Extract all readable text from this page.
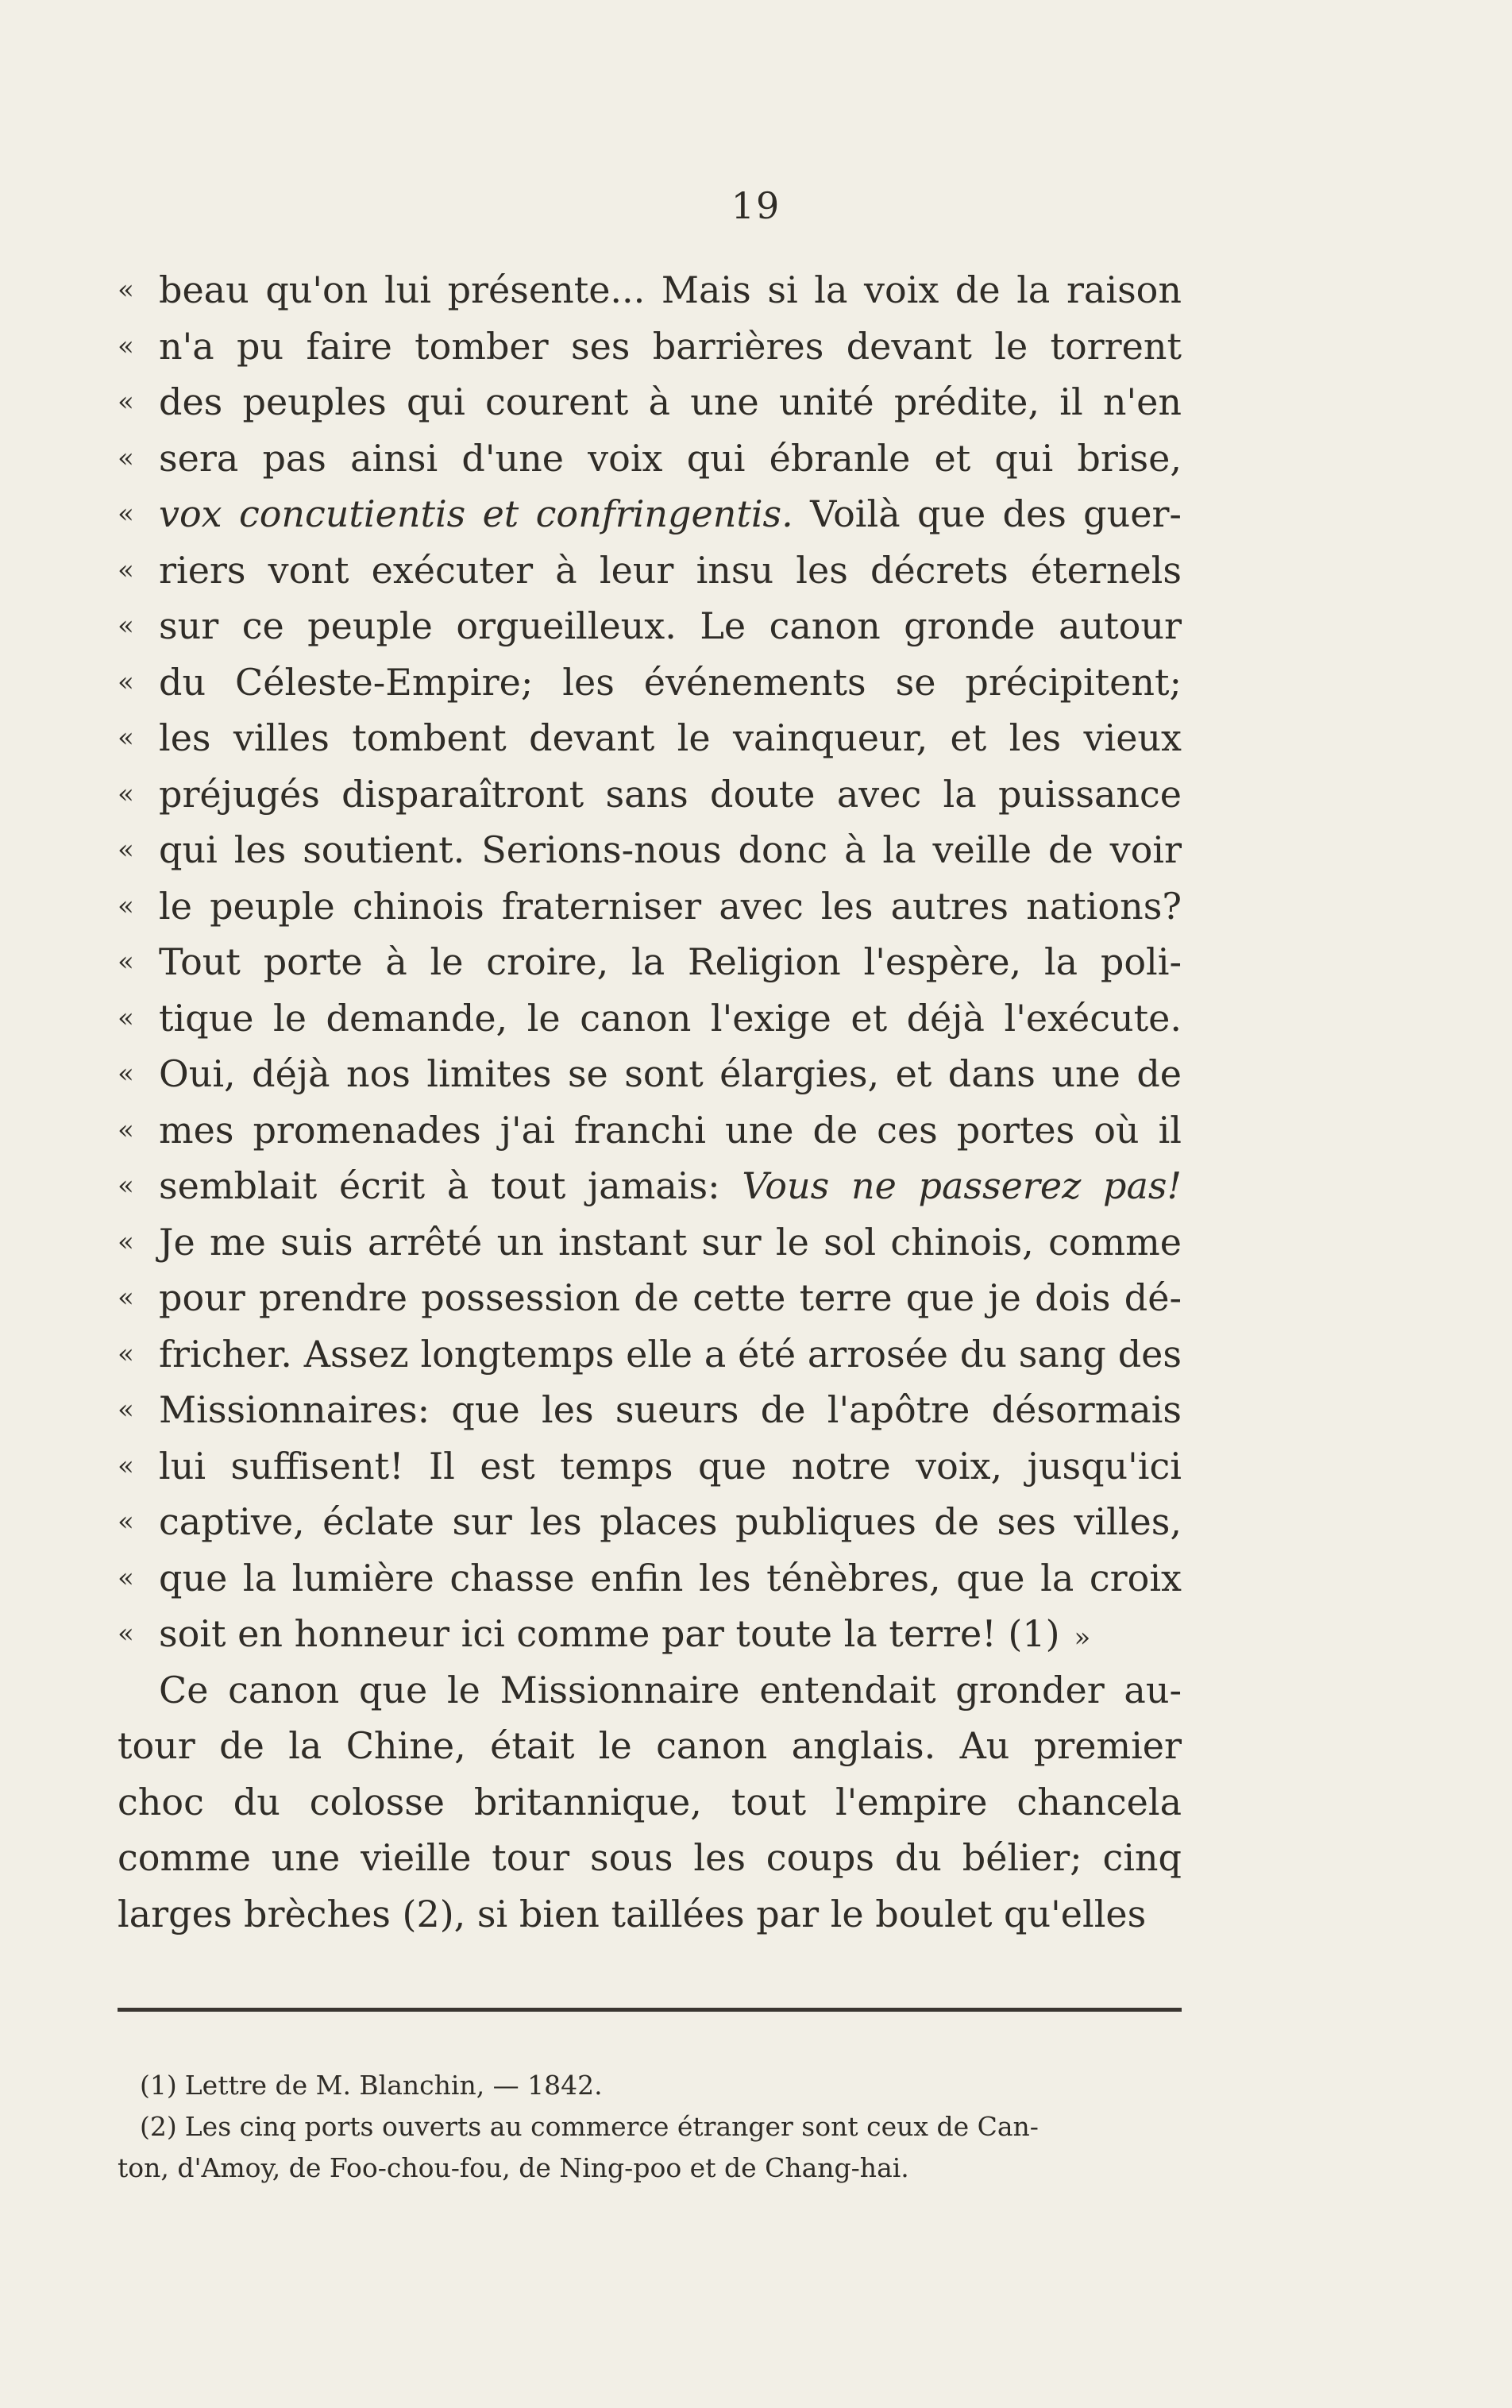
19
« beau qu'on lui présente... Mais si la voix de la raison
« n'a pu faire tomber ses barrières devant le torrent
« des peuples qui courent à une unité prédite, il n'en
« sera pas ainsi d'une voix qui ébranle et qui brise,
« vox concutientis et confringentis. Voilà que des guer-
« riers vont exécuter à leur insu les décrets éternels
« sur ce peuple orgueilleux. Le canon gronde autour
« du Céleste-Empire; les événements se précipitent;
« les villes tombent devant le vainqueur, et les vieux
« préjugés disparaîtront sans doute avec la puissance
« qui les soutient. Serions-nous donc à la veille de voir
« le peuple chinois fraterniser avec les autres nations?
« Tout porte à le croire, la Religion l'espère, la poli-
« tique le demande, le canon l'exige et déjà l'exécute.
« Oui, déjà nos limites se sont élargies, et dans une de
« mes promenades j'ai franchi une de ces portes où il
« semblait écrit à tout jamais: Vous ne passerez pas!
« Je me suis arrêté un instant sur le sol chinois, comme
« pour prendre possession de cette terre que je dois dé-
« fricher. Assez longtemps elle a été arrosée du sang des
« Missionnaires: que les sueurs de l'apôtre désormais
« lui suffisent! Il est temps que notre voix, jusqu'ici
« captive, éclate sur les places publiques de ses villes,
« que la lumière chasse enfin les ténèbres, que la croix
« soit en honneur ici comme par toute la terre! (1) »
Ce canon que le Missionnaire entendait gronder au-
tour de la Chine, était le canon anglais. Au premier
choc du colosse britannique, tout l'empire chancela
comme une vieille tour sous les coups du bélier; cinq
larges brèches (2), si bien taillées par le boulet qu'elles
(1) Lettre de M. Blanchin, — 1842.
(2) Les cinq ports ouverts au commerce étranger sont ceux de Can-
ton, d'Amoy, de Foo-chou-fou, de Ning-poo et de Chang-hai.
